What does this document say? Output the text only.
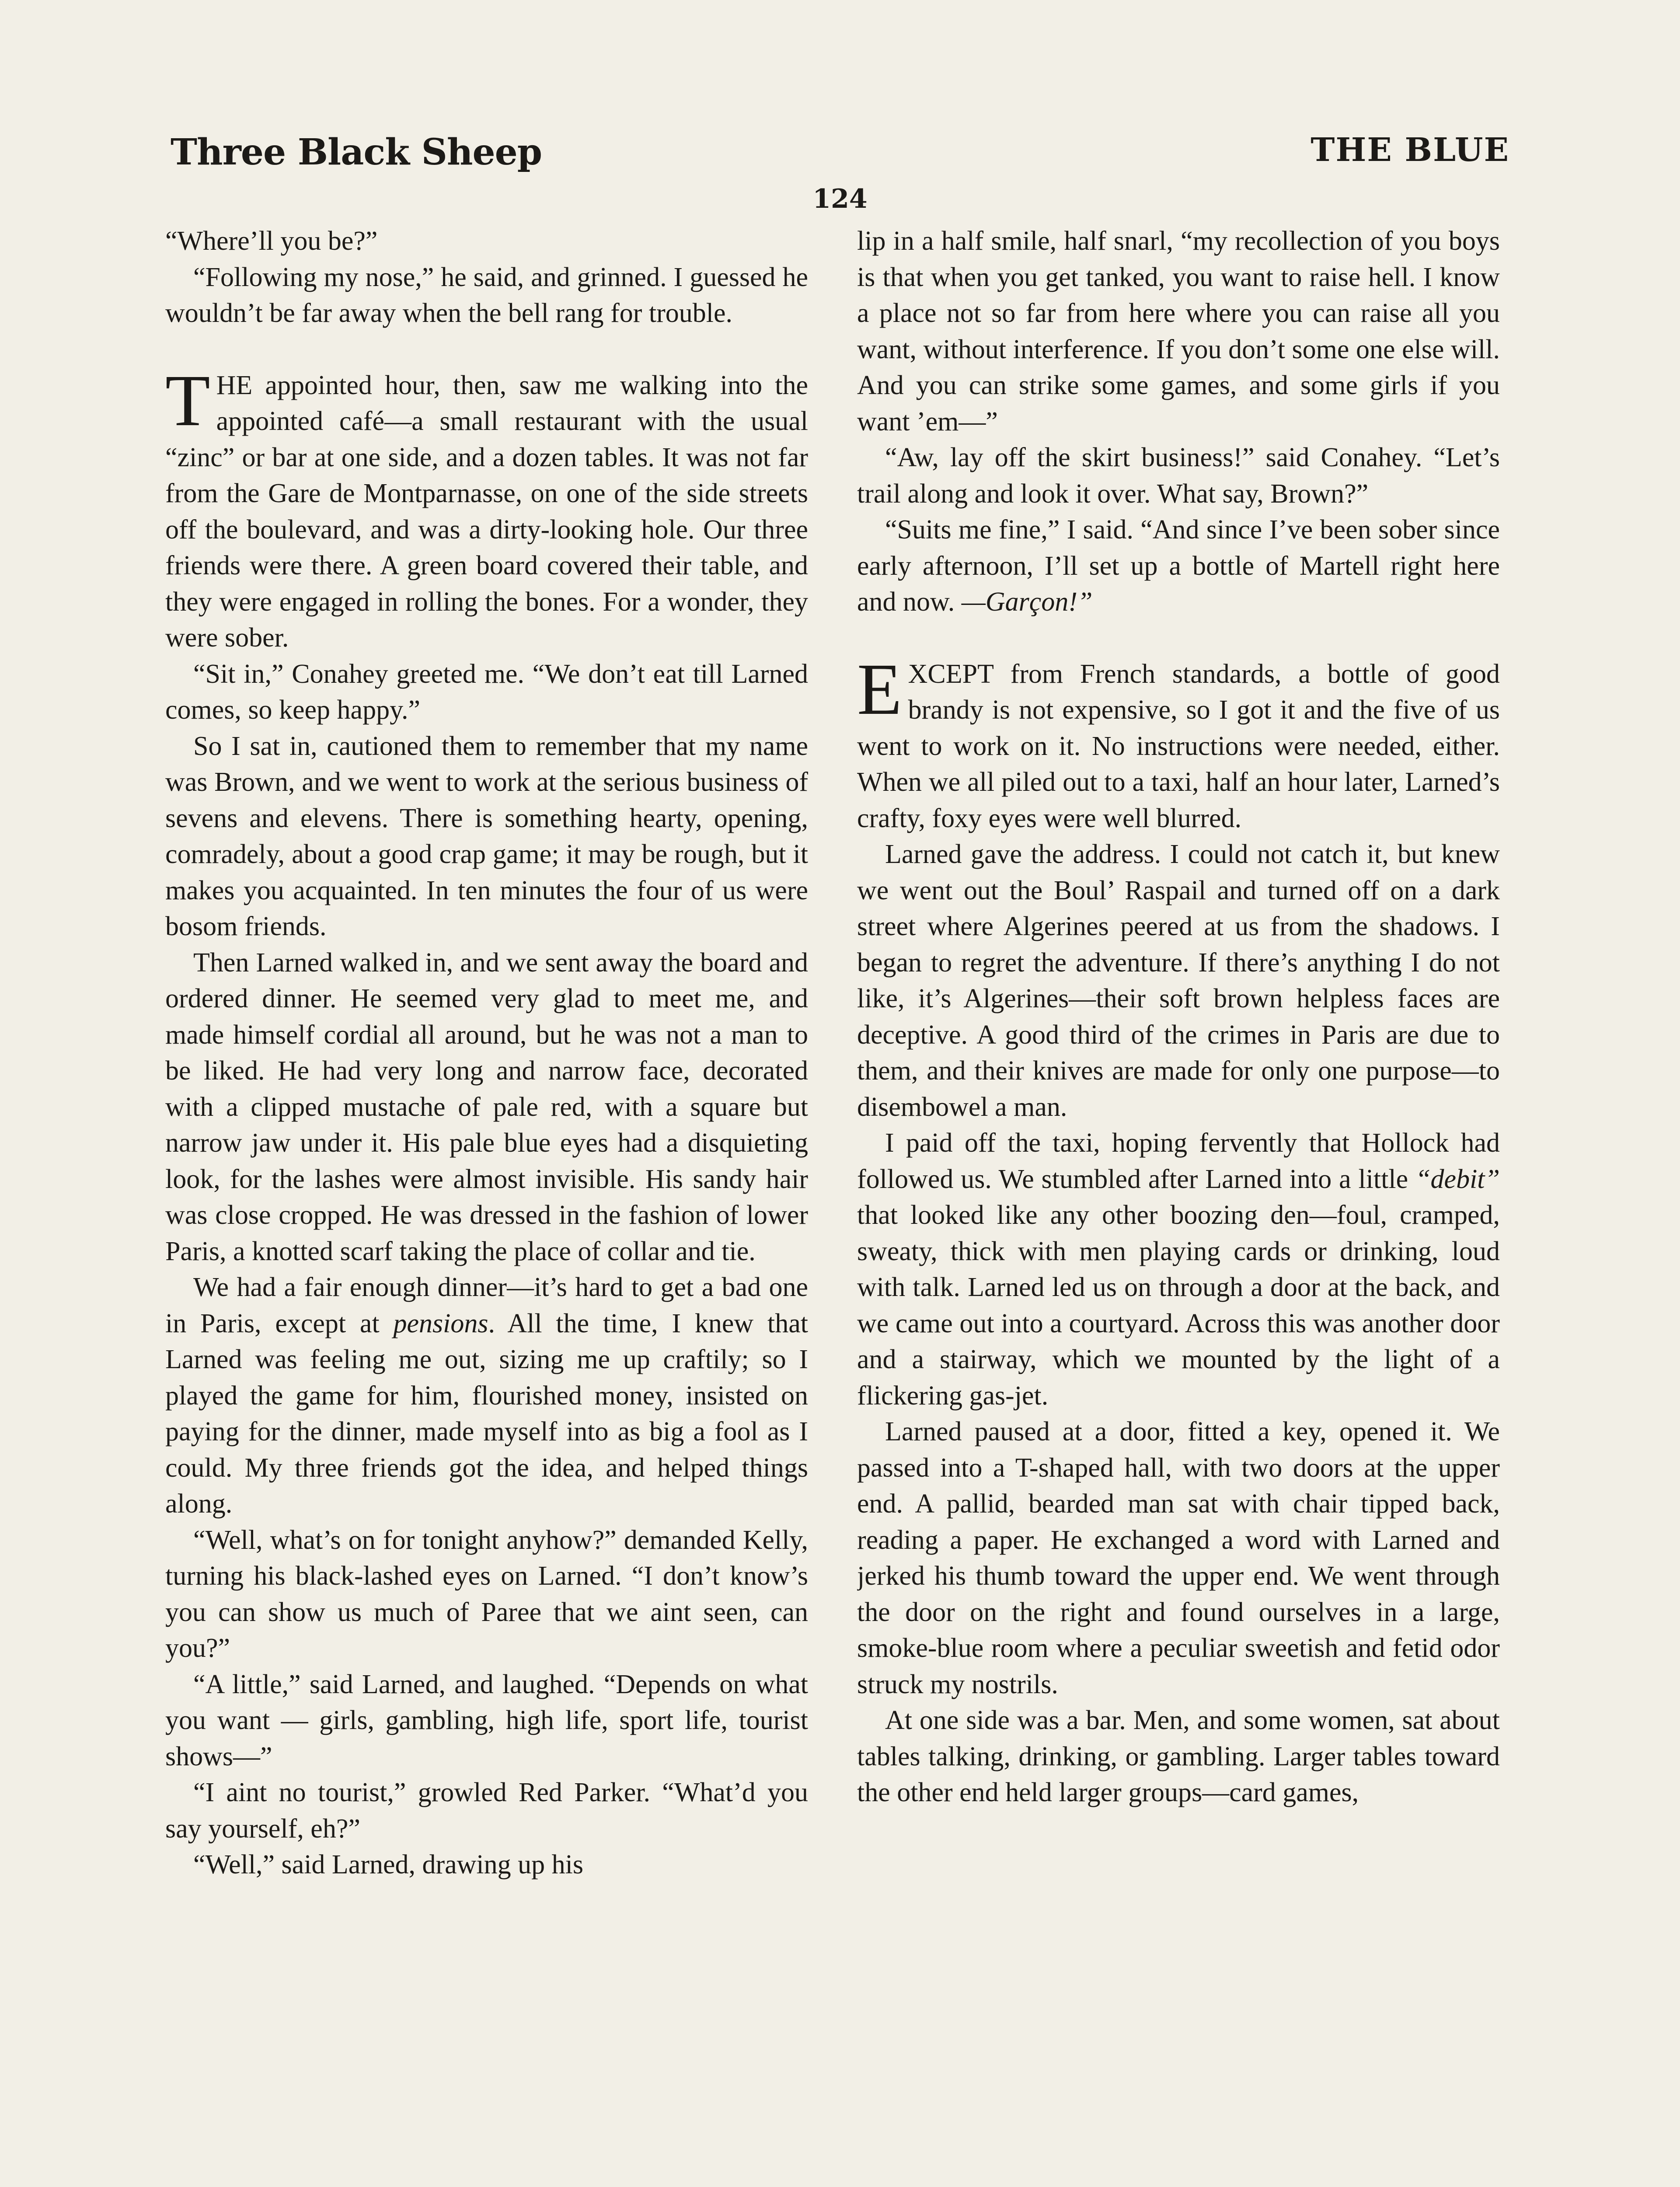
Three Black Sheep	THE BLUE
124

“Where’ll you be?”

“Following my nose,” he said, and grinned. I guessed he wouldn’t be far away when the bell rang for trouble.

THE appointed hour, then, saw me walking into the appointed café—a small restaurant with the usual “zinc” or bar at one side, and a dozen tables. It was not far from the Gare de Montparnasse, on one of the side streets off the boulevard, and was a dirty-looking hole. Our three friends were there. A green board covered their table, and they were engaged in rolling the bones. For a wonder, they were sober.

“Sit in,” Conahey greeted me. “We don’t eat till Larned comes, so keep happy.”

So I sat in, cautioned them to remember that my name was Brown, and we went to work at the serious business of sevens and elevens. There is something hearty, opening, comradely, about a good crap game; it may be rough, but it makes you acquainted. In ten minutes the four of us were bosom friends.

Then Larned walked in, and we sent away the board and ordered dinner. He seemed very glad to meet me, and made himself cordial all around, but he was not a man to be liked. He had very long and narrow face, decorated with a clipped mustache of pale red, with a square but narrow jaw under it. His pale blue eyes had a disquieting look, for the lashes were almost invisible. His sandy hair was close cropped. He was dressed in the fashion of lower Paris, a knotted scarf taking the place of collar and tie.

We had a fair enough dinner—it’s hard to get a bad one in Paris, except at pensions. All the time, I knew that Larned was feeling me out, sizing me up craftily; so I played the game for him, flourished money, insisted on paying for the dinner, made myself into as big a fool as I could. My three friends got the idea, and helped things along.

“Well, what’s on for tonight anyhow?” demanded Kelly, turning his black-lashed eyes on Larned. “I don’t know’s you can show us much of Paree that we aint seen, can you?”

“A little,” said Larned, and laughed. “Depends on what you want — girls, gambling, high life, sport life, tourist shows—”

“I aint no tourist,” growled Red Parker. “What’d you say yourself, eh?”

“Well,” said Larned, drawing up his

lip in a half smile, half snarl, “my recollection of you boys is that when you get tanked, you want to raise hell. I know a place not so far from here where you can raise all you want, without interference. If you don’t some one else will. And you can strike some games, and some girls if you want ’em—”

“Aw, lay off the skirt business!” said Conahey. “Let’s trail along and look it over. What say, Brown?”

“Suits me fine,” I said. “And since I’ve been sober since early afternoon, I’ll set up a bottle of Martell right here and now. —Garçon!”

EXCEPT from French standards, a bottle of good brandy is not expensive, so I got it and the five of us went to work on it. No instructions were needed, either. When we all piled out to a taxi, half an hour later, Larned’s crafty, foxy eyes were well blurred.

Larned gave the address. I could not catch it, but knew we went out the Boul’ Raspail and turned off on a dark street where Algerines peered at us from the shadows. I began to regret the adventure. If there’s anything I do not like, it’s Algerines—their soft brown helpless faces are deceptive. A good third of the crimes in Paris are due to them, and their knives are made for only one purpose—to disembowel a man.

I paid off the taxi, hoping fervently that Hollock had followed us. We stumbled after Larned into a little “debit” that looked like any other boozing den—foul, cramped, sweaty, thick with men playing cards or drinking, loud with talk. Larned led us on through a door at the back, and we came out into a courtyard. Across this was another door and a stairway, which we mounted by the light of a flickering gas-jet.

Larned paused at a door, fitted a key, opened it. We passed into a T-shaped hall, with two doors at the upper end. A pallid, bearded man sat with chair tipped back, reading a paper. He exchanged a word with Larned and jerked his thumb toward the upper end. We went through the door on the right and found ourselves in a large, smoke-blue room where a peculiar sweetish and fetid odor struck my nostrils.

At one side was a bar. Men, and some women, sat about tables talking, drinking, or gambling. Larger tables toward the other end held larger groups—card games,
